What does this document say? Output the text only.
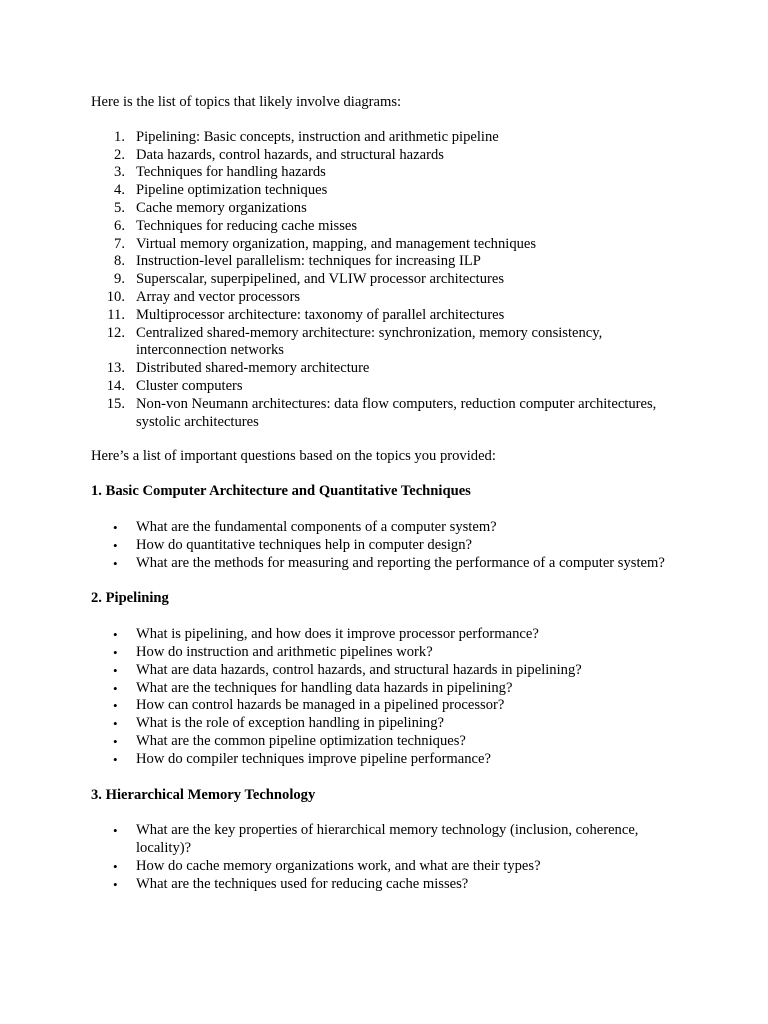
Here is the list of topics that likely involve diagrams:

1. Pipelining: Basic concepts, instruction and arithmetic pipeline
2. Data hazards, control hazards, and structural hazards
3. Techniques for handling hazards
4. Pipeline optimization techniques
5. Cache memory organizations
6. Techniques for reducing cache misses
7. Virtual memory organization, mapping, and management techniques
8. Instruction-level parallelism: techniques for increasing ILP
9. Superscalar, superpipelined, and VLIW processor architectures
10. Array and vector processors
11. Multiprocessor architecture: taxonomy of parallel architectures
12. Centralized shared-memory architecture: synchronization, memory consistency, interconnection networks
13. Distributed shared-memory architecture
14. Cluster computers
15. Non-von Neumann architectures: data flow computers, reduction computer architectures, systolic architectures

Here’s a list of important questions based on the topics you provided:

1. Basic Computer Architecture and Quantitative Techniques
• What are the fundamental components of a computer system?
• How do quantitative techniques help in computer design?
• What are the methods for measuring and reporting the performance of a computer system?
2. Pipelining
• What is pipelining, and how does it improve processor performance?
• How do instruction and arithmetic pipelines work?
• What are data hazards, control hazards, and structural hazards in pipelining?
• What are the techniques for handling data hazards in pipelining?
• How can control hazards be managed in a pipelined processor?
• What is the role of exception handling in pipelining?
• What are the common pipeline optimization techniques?
• How do compiler techniques improve pipeline performance?
3. Hierarchical Memory Technology
• What are the key properties of hierarchical memory technology (inclusion, coherence, locality)?
• How do cache memory organizations work, and what are their types?
• What are the techniques used for reducing cache misses?
